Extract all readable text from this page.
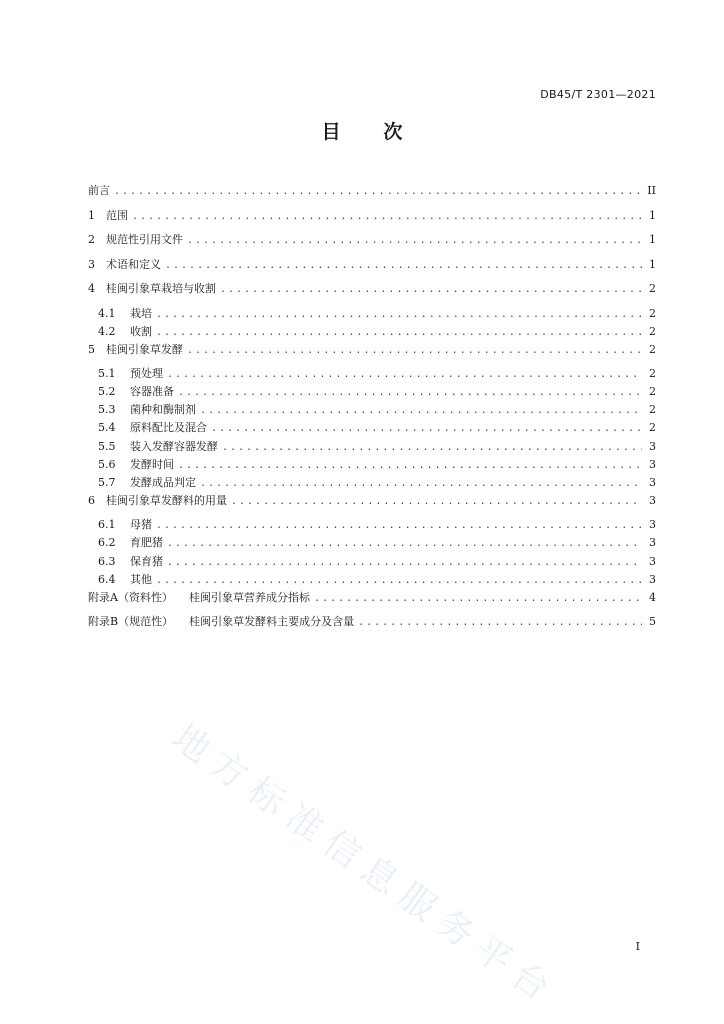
DB45/T 2301—2021
目 次
前言 .....	II
1	范围 .....	1
2	规范性引用文件 .....	1
3	术语和定义 .....	1
4	桂闽引象草栽培与收割 .....	2
4.1	栽培 .....	2
4.2	收割 .....	2
5	桂闽引象草发酵 .....	2
5.1	预处理 .....	2
5.2	容器准备 .....	2
5.3	菌种和酶制剂 .....	2
5.4	原料配比及混合 .....	2
5.5	装入发酵容器发酵 .....	3
5.6	发酵时间 .....	3
5.7	发酵成品判定 .....	3
6	桂闽引象草发酵料的用量 .....	3
6.1	母猪 .....	3
6.2	育肥猪 .....	3
6.3	保育猪 .....	3
6.4	其他 .....	3
附录A（资料性） 桂闽引象草营养成分指标 .....	4
附录B（规范性） 桂闽引象草发酵料主要成分及含量 .....	5
地方标准信息服务平台	I
